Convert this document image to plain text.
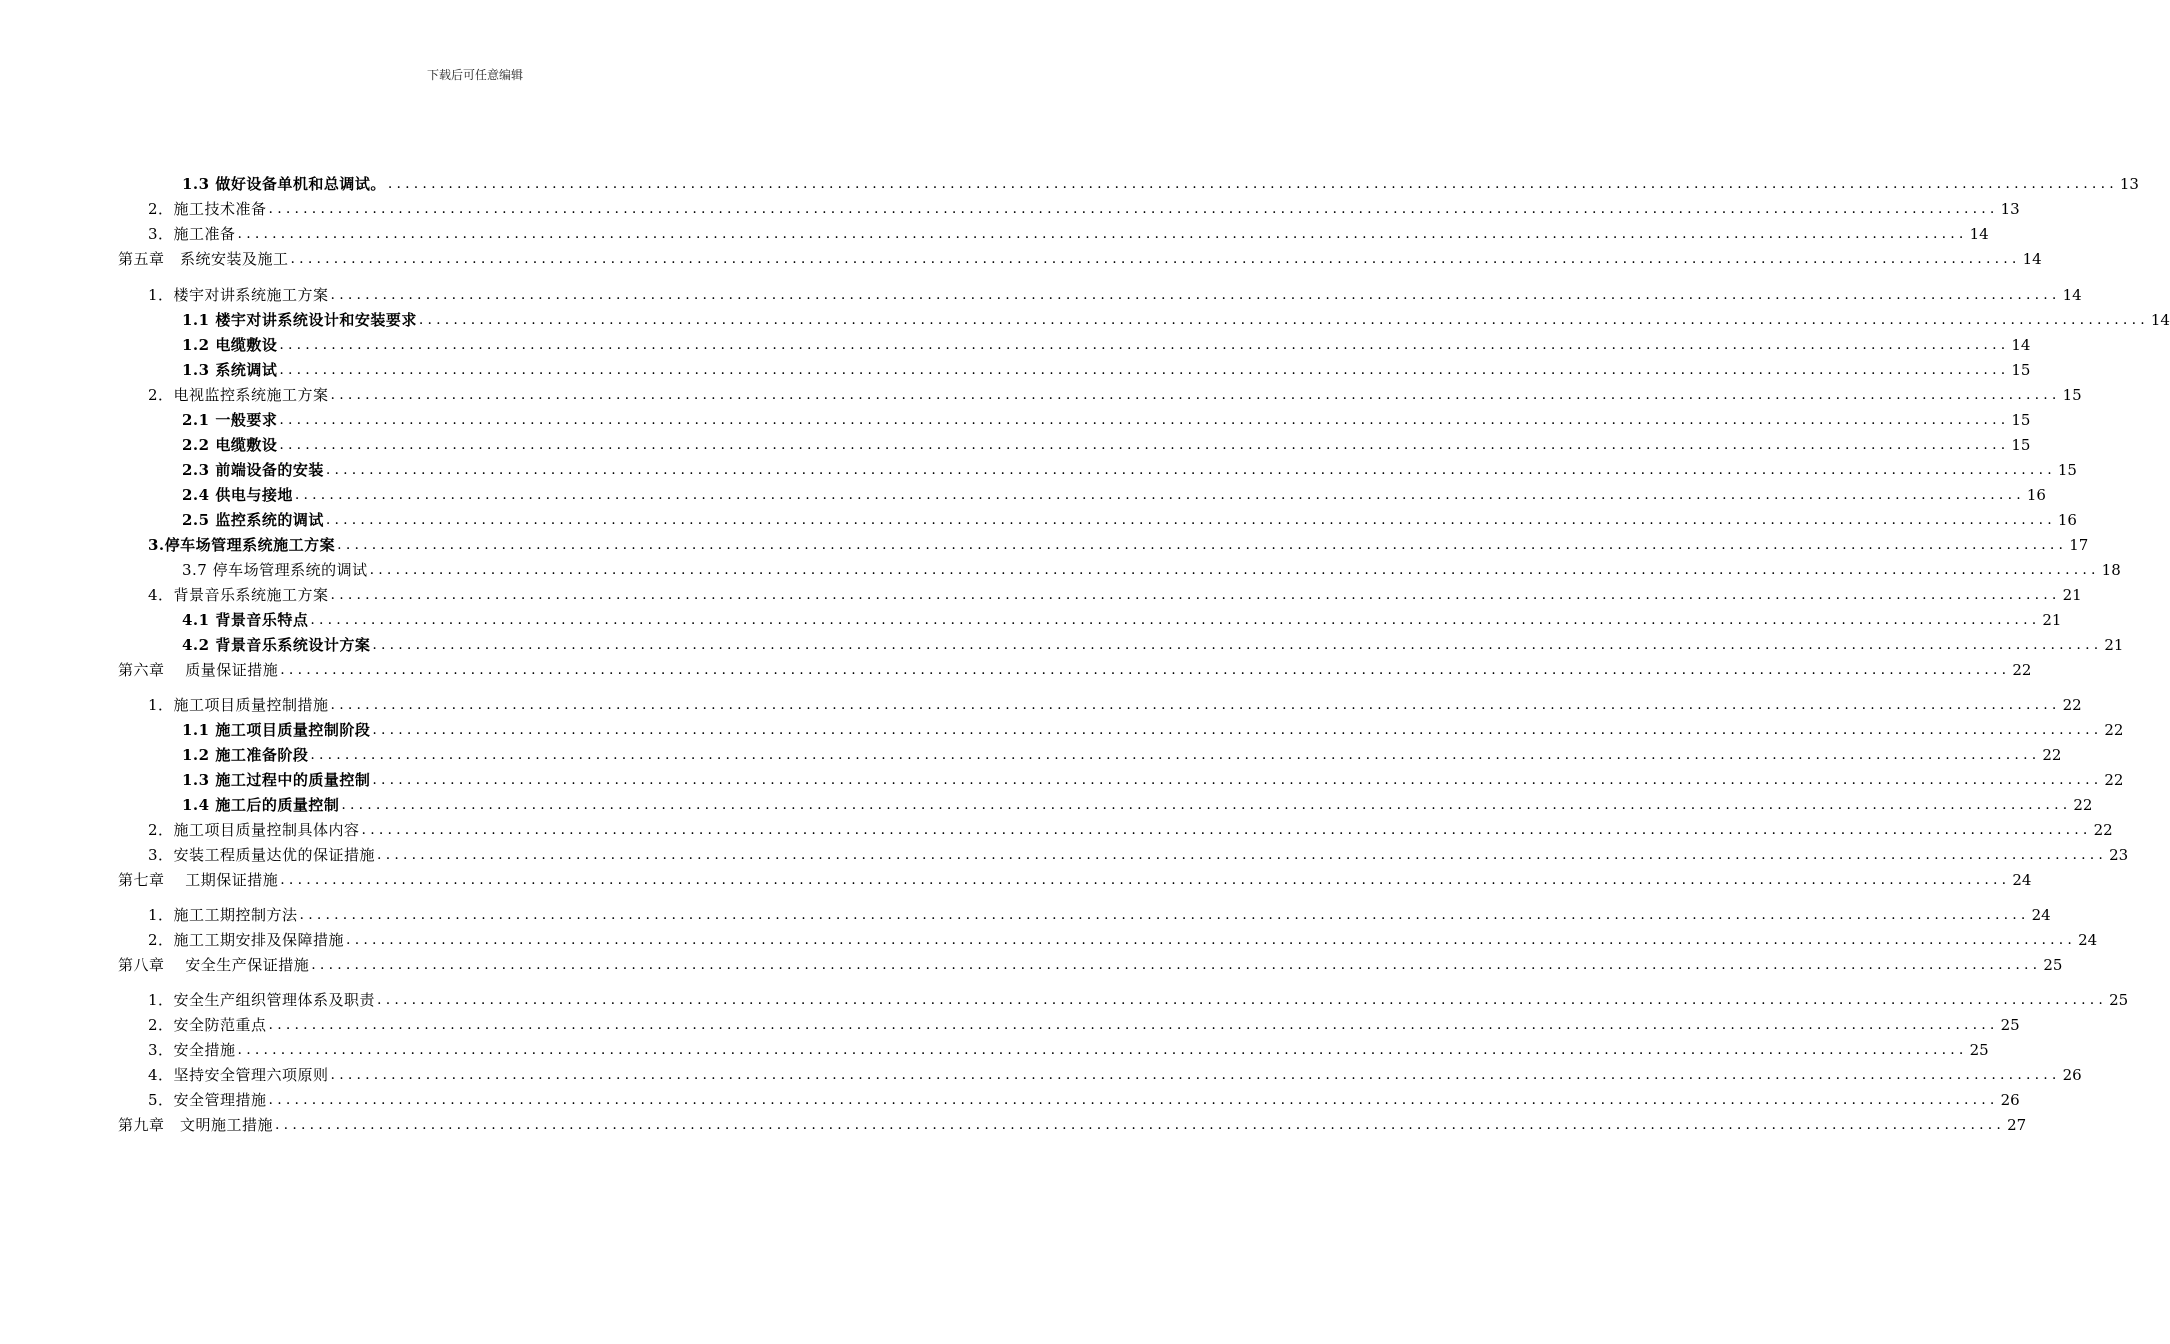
下载后可任意编辑
1.3 做好设备单机和总调试。 ........................................................................................................................................................................................................ 13
2．施工技术准备 ........................................................................................................................................................................................................ 13
3．施工准备 ........................................................................................................................................................................................................ 14
第五章　系统安装及施工 ........................................................................................................................................................................................................ 14
1．楼宇对讲系统施工方案 ........................................................................................................................................................................................................ 14
1.1 楼宇对讲系统设计和安装要求 ........................................................................................................................................................................................................ 14
1.2 电缆敷设 ........................................................................................................................................................................................................ 14
1.3 系统调试 ........................................................................................................................................................................................................ 15
2．电视监控系统施工方案 ........................................................................................................................................................................................................ 15
2.1 一般要求 ........................................................................................................................................................................................................ 15
2.2 电缆敷设 ........................................................................................................................................................................................................ 15
2.3 前端设备的安装 ........................................................................................................................................................................................................ 15
2.4 供电与接地 ........................................................................................................................................................................................................ 16
2.5 监控系统的调试 ........................................................................................................................................................................................................ 16
3.停车场管理系统施工方案 ........................................................................................................................................................................................................ 17
3.7 停车场管理系统的调试 ........................................................................................................................................................................................................ 18
4．背景音乐系统施工方案 ........................................................................................................................................................................................................ 21
4.1 背景音乐特点 ........................................................................................................................................................................................................ 21
4.2 背景音乐系统设计方案 ........................................................................................................................................................................................................ 21
第六章　 质量保证措施 ........................................................................................................................................................................................................ 22
1．施工项目质量控制措施 ........................................................................................................................................................................................................ 22
1.1 施工项目质量控制阶段 ........................................................................................................................................................................................................ 22
1.2 施工准备阶段 ........................................................................................................................................................................................................ 22
1.3 施工过程中的质量控制 ........................................................................................................................................................................................................ 22
1.4 施工后的质量控制 ........................................................................................................................................................................................................ 22
2．施工项目质量控制具体内容 ........................................................................................................................................................................................................ 22
3．安装工程质量达优的保证措施 ........................................................................................................................................................................................................ 23
第七章　 工期保证措施 ........................................................................................................................................................................................................ 24
1．施工工期控制方法 ........................................................................................................................................................................................................ 24
2．施工工期安排及保障措施 ........................................................................................................................................................................................................ 24
第八章　 安全生产保证措施 ........................................................................................................................................................................................................ 25
1．安全生产组织管理体系及职责 ........................................................................................................................................................................................................ 25
2．安全防范重点 ........................................................................................................................................................................................................ 25
3．安全措施 ........................................................................................................................................................................................................ 25
4．坚持安全管理六项原则 ........................................................................................................................................................................................................ 26
5．安全管理措施 ........................................................................................................................................................................................................ 26
第九章　文明施工措施 ........................................................................................................................................................................................................ 27
